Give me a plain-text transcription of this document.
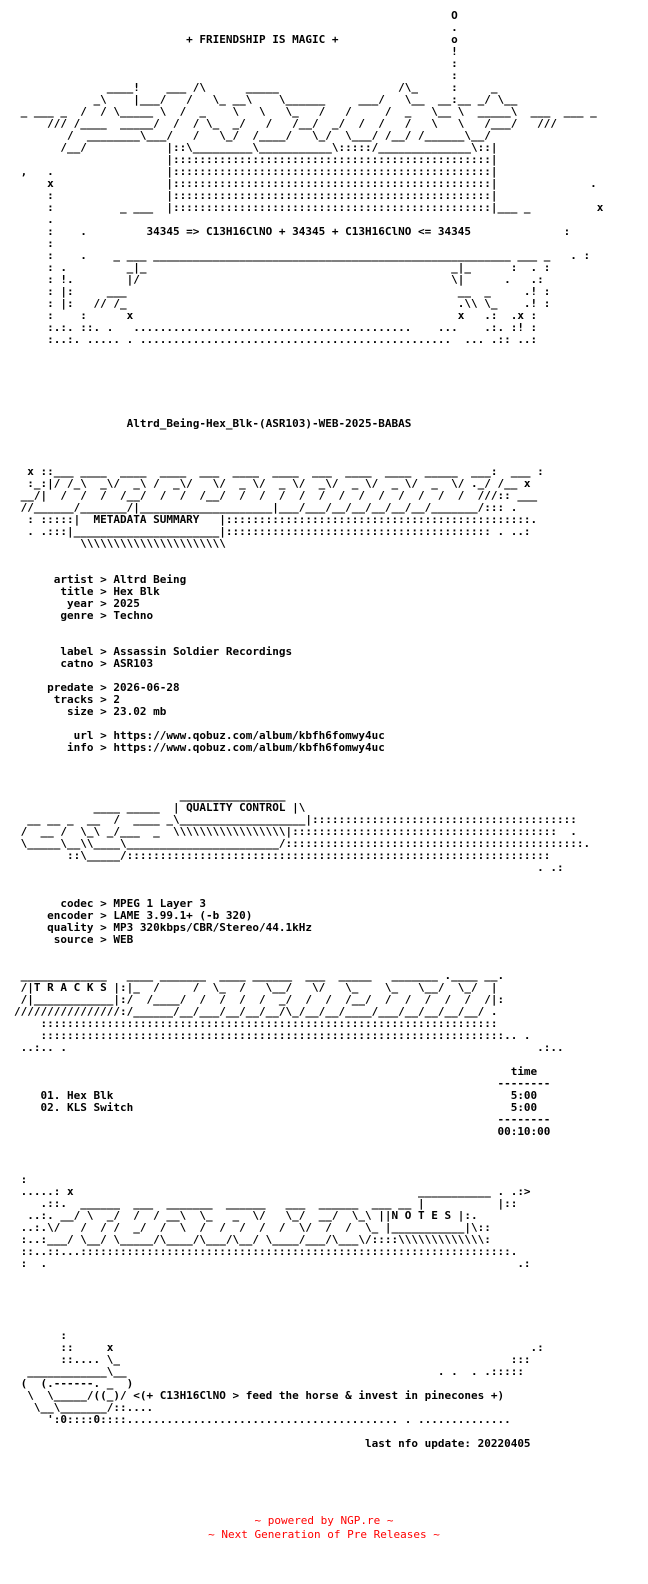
O
.
+ FRIENDSHIP IS MAGIC +                 o
!
:
:
____!    ___ /\      _____                  /\_     :     _
_\    |___/   /   \_ __\    \______     ___/   \__  __:__ _/ \__
_ ___ _  /  / \_____ \  /  _    \   \   \_   /   /     /  _   \__ \  _____\  ___  ___ _
/// /____  _____/  /  / \_  _/   /   /__/  _/  /  /   /   \   \   /___/   ///
/  ________\___/   /   \_/  /____/   \_/  \___/ /__/ /______\__/
/__/            |::\_________\___________\:::::/______________\::|
|::::::::::::::::::::::::::::::::::::::::::::::::|
,   .                 |::::::::::::::::::::::::::::::::::::::::::::::::|
x                 |::::::::::::::::::::::::::::::::::::::::::::::::|              .
:                 |::::::::::::::::::::::::::::::::::::::::::::::::|
:          _ ___  |::::::::::::::::::::::::::::::::::::::::::::::::|___ _          x
.
:    .         34345 => C13H16ClNO + 34345 + C13H16ClNO <= 34345              :
:
:    .    _ ___ ______________________________________________________ ___ _   . :
: .         _|_                                              _|_      :  . :
: !.        |/                                               \|      .   .:
: |:     ___                                                  __  _     .! :
: |:   // /_                                                  .\\ \_    .! :
:    :      x                                                 x   .:  .x :
:.:. ::. .   ..........................................    ...    .:. :! :
:..:. ..... . ...............................................  ... .:: ..:

Altrd_Being-Hex_Blk-(ASR103)-WEB-2025-BABAS

x ::___ ____  ____  ____  ___  ____  ____  ___  ____  ____  _____  ___:  ___ :
:_:|/ /_\  _\/  _\ /  _\/   \/  _ \/  _ \/  _\/  _ \/  _ \/  _  \/ ._/ /__ x
__/|  /  /  /  /__/  /  /  /__/  /  /  /  /  /  /  /  /  /  /  /  /  ///:: ___
//______/_______/|____________________|___/___/__/__/__/__/__/_______/::: .
: :::::|  METADATA SUMMARY   |::::::::::::::::::::::::::::::::::::::::::::::.
. .:::|______________________|:::::::::::::::::::::::::::::::::::::::: . ..:
\\\\\\\\\\\\\\\\\\\\\\

artist > Altrd Being
title > Hex Blk
year > 2025
genre > Techno

label > Assassin Soldier Recordings
catno > ASR103

predate > 2026-06-28
tracks > 2
size > 23.02 mb

url > https://www.qobuz.com/album/kbfh6fomwy4uc
info > https://www.qobuz.com/album/kbfh6fomwy4uc

________________
____ _____  | QUALITY CONTROL |\
__ __ _  __  /  ____ _\___________________|::::::::::::::::::::::::::::::::::::::::
/  __ /  \_\ _/___  _  \\\\\\\\\\\\\\\\\|::::::::::::::::::::::::::::::::::::::::  .
\_____\__\\____\_______________________/:::::::::::::::::::::::::::::::::::::::::::::.
::\_____/::::::::::::::::::::::::::::::::::::::::::::::::::::::::::::::::
. .:

codec > MPEG 1 Layer 3
encoder > LAME 3.99.1+ (-b 320)
quality > MP3 320kbps/CBR/Stereo/44.1kHz
source > WEB

_____________   ____ _______  ____ ______  ___  _____   _______ .____ __.
/|T R A C K S |:|_  /     /  \_  /   \__/   \/   \_    \_   \__/  \_/  |
/|____________|:/  /____/  /  /  /  /  _/  /  /  /__/  /  /  /  /  /  /|:
////////////////:/______/__/___/__/__/__/\_/__/__/____/___/__/__/__/__/ .
:::::::::::::::::::::::::::::::::::::::::::::::::::::::::::::::::::::
::::::::::::::::::::::::::::::::::::::::::::::::::::::::::::::::::::::.. .
..:.. .                                                                       .:..

time
--------
01. Hex Blk                                                            5:00
02. KLS Switch                                                         5:00
--------
00:10:00

:
.....: x                                                    ___________ . .:>
.::.  ______  ___  _______  ______   ___  ______  ___ __ |           |::
..:. __/ \  _/  /  / __\  \_   _  \/   \_/  __/  \_\ ||N O T E S |:.
..:.\/   /  / /  _/  /  \  /  /  /  /  /  \/  /  /  \_ |___________|\::
:..:___/ \__/ \_____/\____/\___/\__/ \____/___/\___\/::::\\\\\\\\\\\\\:
::..::...:::::::::::::::::::::::::::::::::::::::::::::::::::::::::::::::::.
:  .                                                                       .:

:
::     x                                                               .:
::.... \_                                                           :::
____________\__                                               . .  . .:::::
(  (.------. _  )
\  \_____/((_)/ <(+ C13H16ClNO > feed the horse & invest in pinecones +)
\__\_______/::....
':0::::0::::......................................... . ..............

last nfo update: 20220405
~ powered by NGP.re ~
~ Next Generation of Pre Releases ~
